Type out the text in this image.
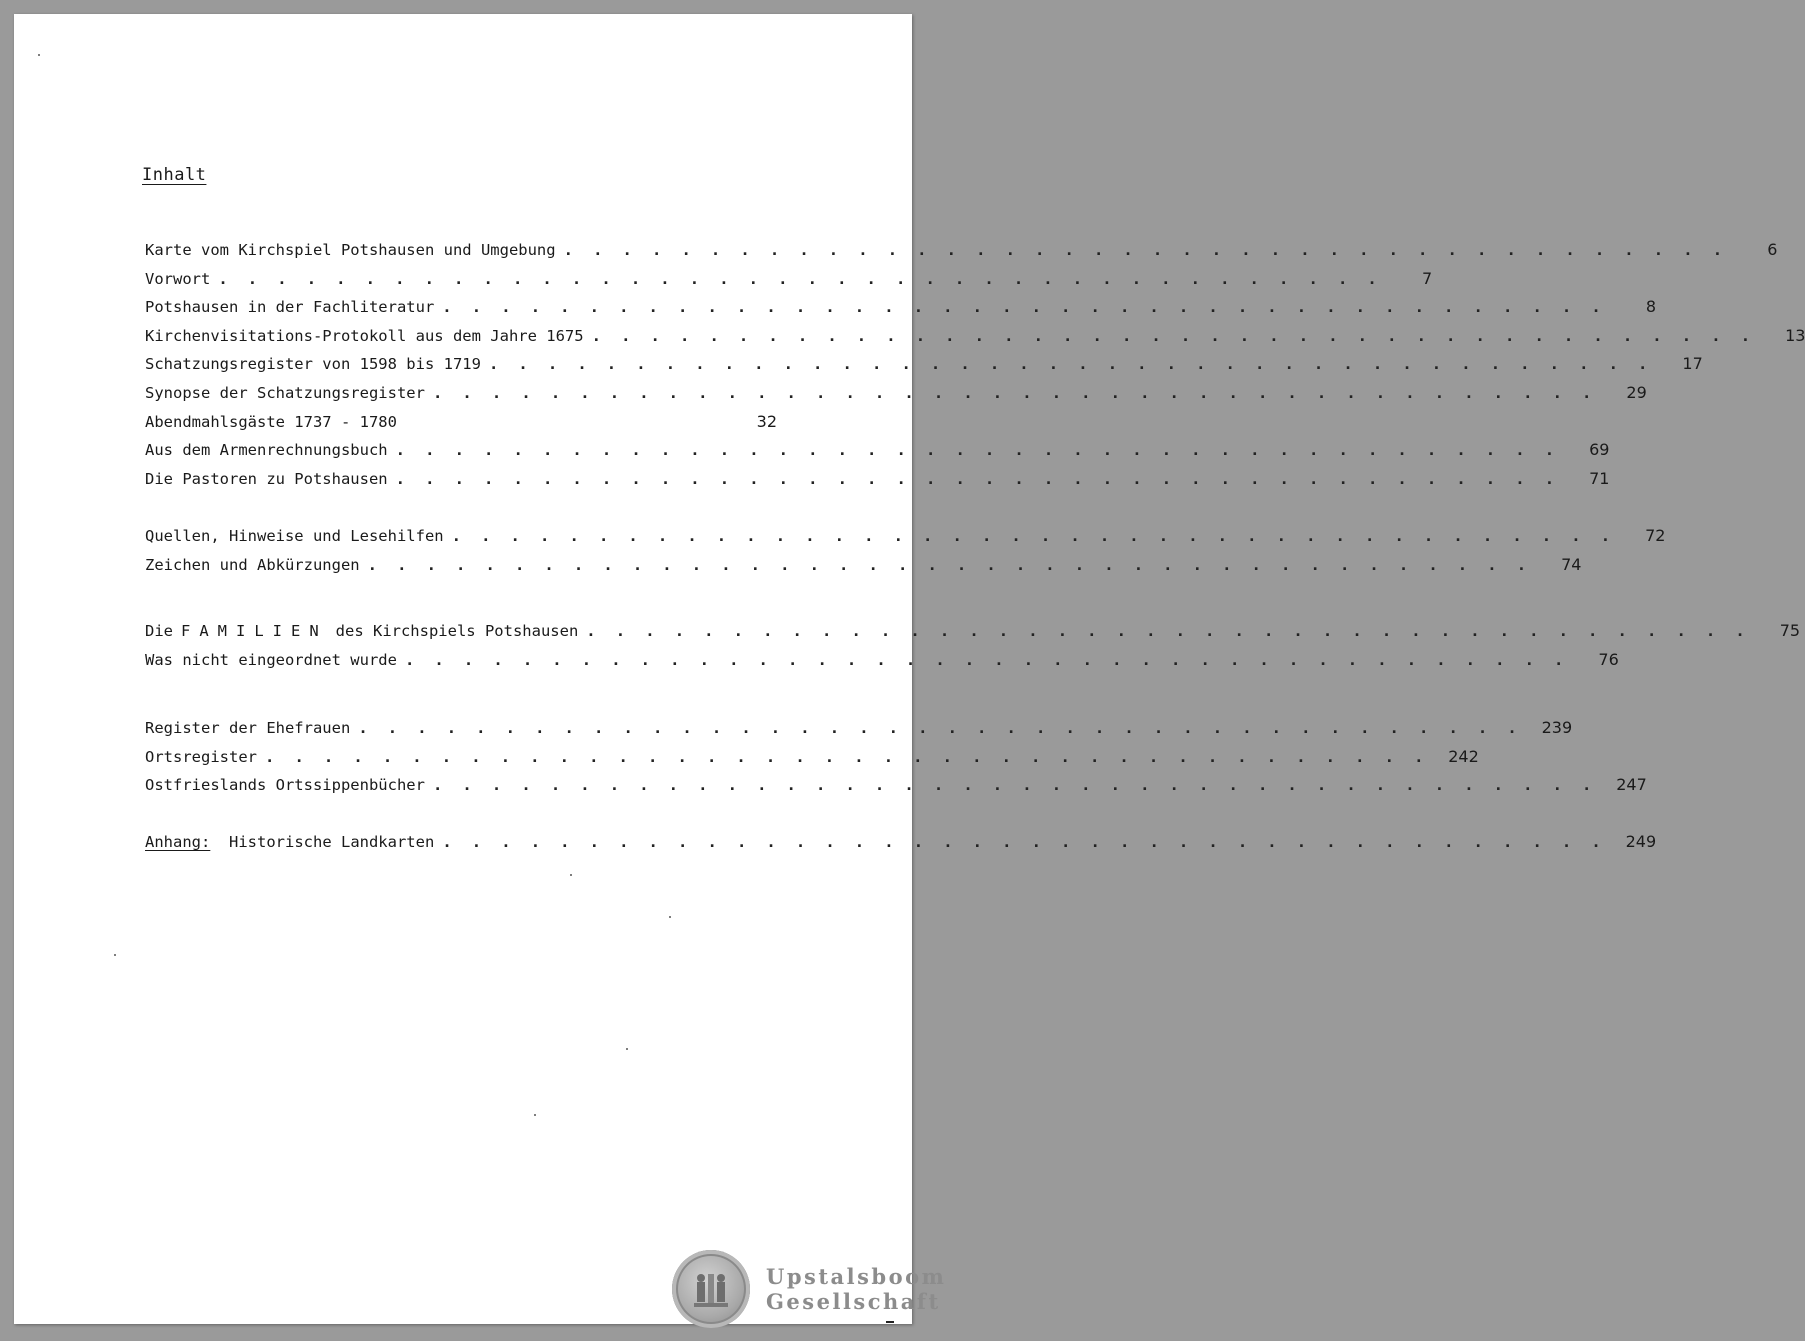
Inhalt
Karte vom Kirchspiel Potshausen und Umgebung . . . . . . . . . . . . . . . . . . . . . . . . . . . . . . . . . . . . . . . .	6
Vorwort . . . . . . . . . . . . . . . . . . . . . . . . . . . . . . . . . . . . . . . .	7
Potshausen in der Fachliteratur . . . . . . . . . . . . . . . . . . . . . . . . . . . . . . . . . . . . . . . .	8
Kirchenvisitations-Protokoll aus dem Jahre 1675 . . . . . . . . . . . . . . . . . . . . . . . . . . . . . . . . . . . . . . . .	13
Schatzungsregister von 1598 bis 1719 . . . . . . . . . . . . . . . . . . . . . . . . . . . . . . . . . . . . . . . .	17
Synopse der Schatzungsregister . . . . . . . . . . . . . . . . . . . . . . . . . . . . . . . . . . . . . . . .	29
Abendmahlsgäste 1737 - 1780	32
Aus dem Armenrechnungsbuch . . . . . . . . . . . . . . . . . . . . . . . . . . . . . . . . . . . . . . . .	69
Die Pastoren zu Potshausen . . . . . . . . . . . . . . . . . . . . . . . . . . . . . . . . . . . . . . . .	71
Quellen, Hinweise und Lesehilfen . . . . . . . . . . . . . . . . . . . . . . . . . . . . . . . . . . . . . . . .	72
Zeichen und Abkürzungen . . . . . . . . . . . . . . . . . . . . . . . . . . . . . . . . . . . . . . . .	74
Die FAMILIEN des Kirchspiels Potshausen . . . . . . . . . . . . . . . . . . . . . . . . . . . . . . . . . . . . . . . .	75
Was nicht eingeordnet wurde . . . . . . . . . . . . . . . . . . . . . . . . . . . . . . . . . . . . . . . .	76
Register der Ehefrauen . . . . . . . . . . . . . . . . . . . . . . . . . . . . . . . . . . . . . . . .	239
Ortsregister . . . . . . . . . . . . . . . . . . . . . . . . . . . . . . . . . . . . . . . .	242
Ostfrieslands Ortssippenbücher . . . . . . . . . . . . . . . . . . . . . . . . . . . . . . . . . . . . . . . .	247
Anhang: Historische Landkarten . . . . . . . . . . . . . . . . . . . . . . . . . . . . . . . . . . . . . . . .	249
Upstalsboom
Gesellschaft
